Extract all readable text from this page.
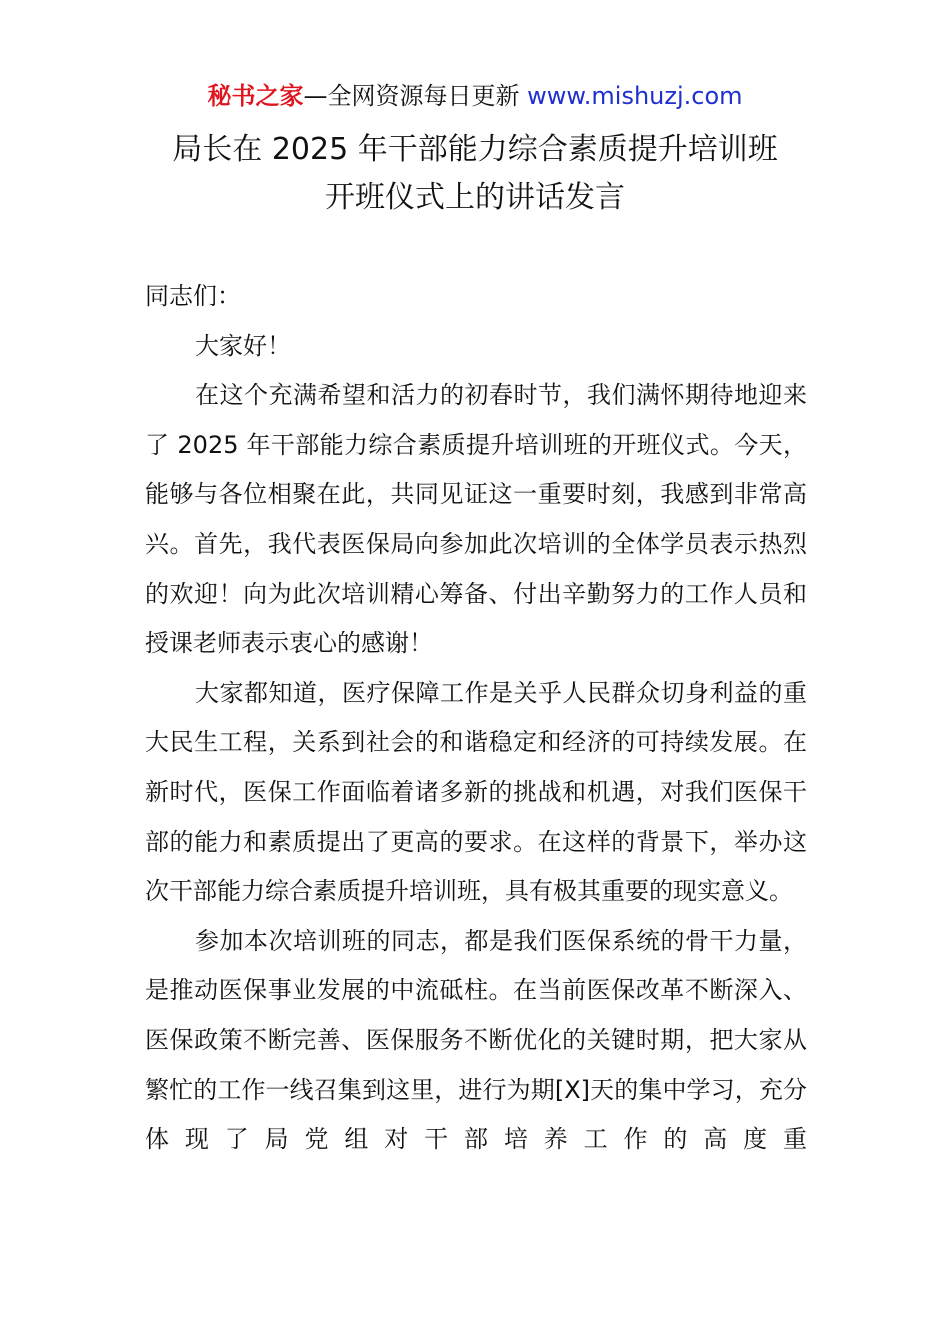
秘书之家—全网资源每日更新 www.mishuzj.com
局长在 2025 年干部能力综合素质提升培训班
开班仪式上的讲话发言

同志们：

大家好！

在这个充满希望和活力的初春时节，我们满怀期待地迎来了 2025 年干部能力综合素质提升培训班的开班仪式。今天，能够与各位相聚在此，共同见证这一重要时刻，我感到非常高兴。首先，我代表医保局向参加此次培训的全体学员表示热烈的欢迎！向为此次培训精心筹备、付出辛勤努力的工作人员和授课老师表示衷心的感谢！

大家都知道，医疗保障工作是关乎人民群众切身利益的重大民生工程，关系到社会的和谐稳定和经济的可持续发展。在新时代，医保工作面临着诸多新的挑战和机遇，对我们医保干部的能力和素质提出了更高的要求。在这样的背景下，举办这次干部能力综合素质提升培训班，具有极其重要的现实意义。

参加本次培训班的同志，都是我们医保系统的骨干力量，是推动医保事业发展的中流砥柱。在当前医保改革不断深入、医保政策不断完善、医保服务不断优化的关键时期，把大家从繁忙的工作一线召集到这里，进行为期[X]天的集中学习，充分体现了局党组对干部培养工作的高度重
